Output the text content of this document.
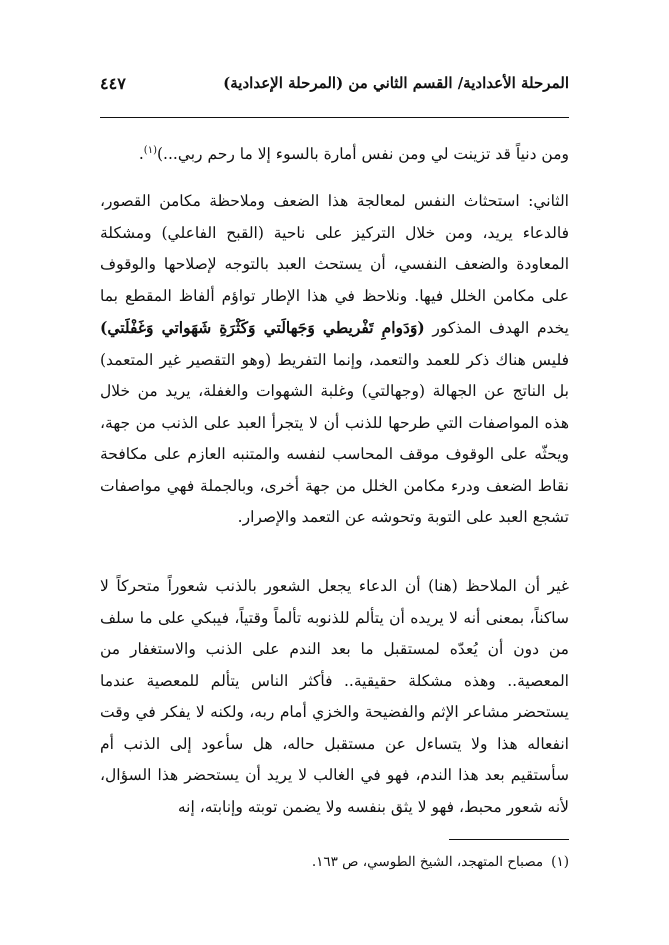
المرحلة الأعدادية/ القسم الثاني من (المرحلة الإعدادية)
٤٤٧

ومن دنياً قد تزينت لي ومن نفس أمارة بالسوء إلا ما رحم ربي...)$^{(١)}$.

الثاني: استحثاث النفس لمعالجة هذا الضعف وملاحظة مكامن القصور، فالدعاء يريد، ومن خلال التركيز على ناحية (القبح الفاعلي) ومشكلة المعاودة والضعف النفسي، أن يستحث العبد بالتوجه لإصلاحها والوقوف على مكامن الخلل فيها. ونلاحظ في هذا الإطار تواؤم ألفاظ المقطع بما يخدم الهدف المذكور (وَدَوامِ تَفْريطي وَجَهالَتي وَكَثْرَةِ شَهَواتي وَغَفْلَتي) فليس هناك ذكر للعمد والتعمد، وإنما التفريط (وهو التقصير غير المتعمد) بل الناتج عن الجهالة (وجهالتي) وغلبة الشهوات والغفلة، يريد من خلال هذه المواصفات التي طرحها للذنب أن لا يتجرأ العبد على الذنب من جهة، ويحثّه على الوقوف موقف المحاسب لنفسه والمتنبه العازم على مكافحة نقاط الضعف ودرء مكامن الخلل من جهة أخرى، وبالجملة فهي مواصفات تشجع العبد على التوبة وتحوشه عن التعمد والإصرار.

غير أن الملاحظ (هنا) أن الدعاء يجعل الشعور بالذنب شعوراً متحركاً لا ساكناً، بمعنى أنه لا يريده أن يتألم للذنوبه تألماً وقتياً، فيبكي على ما سلف من دون أن يُعدّه لمستقبل ما بعد الندم على الذنب والاستغفار من المعصية.. وهذه مشكلة حقيقية.. فأكثر الناس يتألم للمعصية عندما يستحضر مشاعر الإثم والفضيحة والخزي أمام ربه، ولكنه لا يفكر في وقت انفعاله هذا ولا يتساءل عن مستقبل حاله، هل سأعود إلى الذنب أم سأستقيم بعد هذا الندم، فهو في الغالب لا يريد أن يستحضر هذا السؤال، لأنه شعور محبط، فهو لا يثق بنفسه ولا يضمن توبته وإنابته، إنه

(١)مصباح المتهجد، الشيخ الطوسي، ص ١٦٣.
